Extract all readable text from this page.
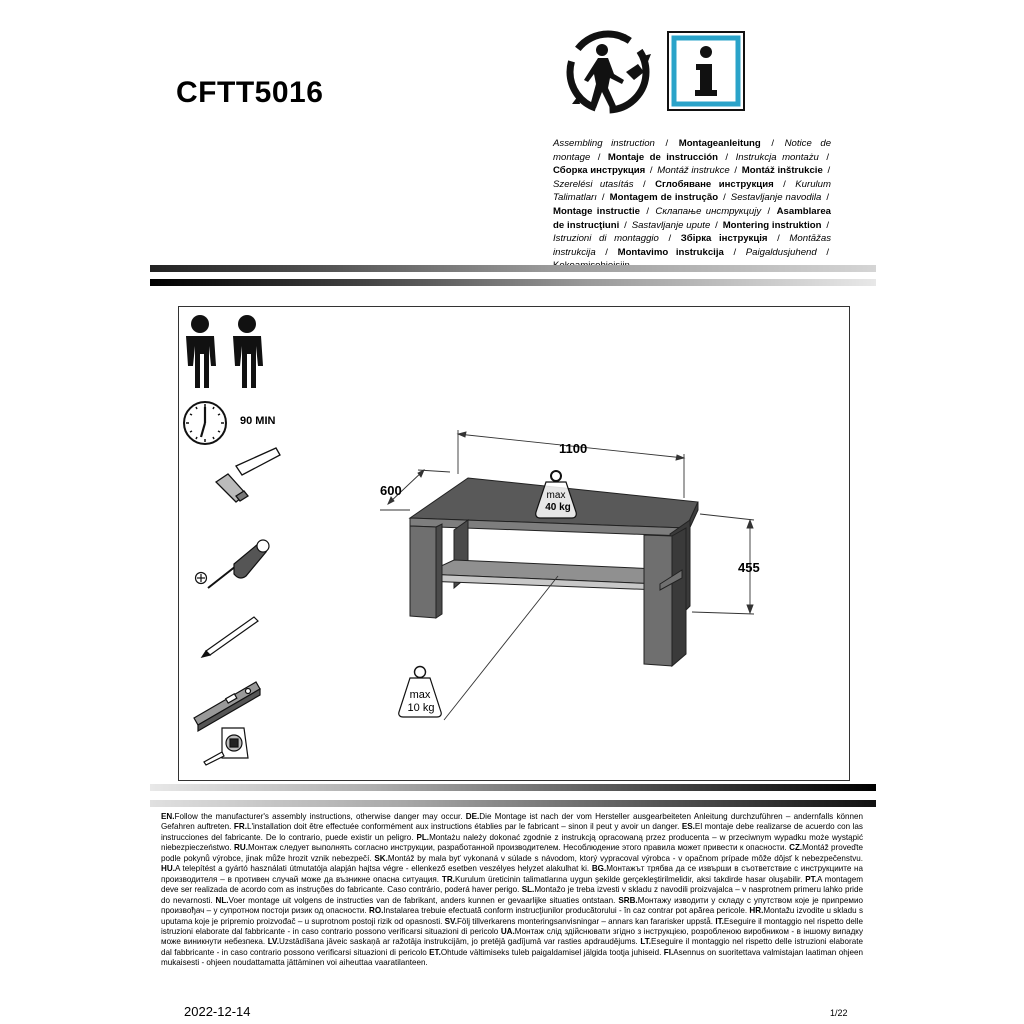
CFTT5016
Assembling instruction / Montageanleitung / Notice de montage / Montaje de instrucción / Instrukcja montażu / Сборка инструкция / Montáž instrukce / Montáž inštrukcie / Szerelési utasítás / Сглобяване инструкция / Kurulum Talimatları / Montagem de instrução / Sestavljanje navodila / Montage instructie / Склапање инструкцију / Asamblarea de instrucţiuni / Sastavljanje upute / Montering instruktion / Istruzioni di montaggio / Збірка інструкція / Montāžas instrukcija / Montavimo instrukcija / Paigaldusjuhend /
90 MIN
1100
600
455
max
40 kg
max
10 kg
EN.Follow the manufacturer's assembly instructions, otherwise danger may occur. DE.Die Montage ist nach der vom Hersteller ausgearbeiteten Anleitung durchzuführen – andernfalls können Gefahren auftreten. FR.L'installation doit être effectuée conformément aux instructions établies par le fabricant – sinon il peut y avoir un danger. ES.El montaje debe realizarse de acuerdo con las instrucciones del fabricante. De lo contrario, puede existir un peligro. PL.Montażu należy dokonać zgodnie z instrukcją opracowaną przez producenta – w przeciwnym wypadku może wystąpić niebezpieczeństwo. RU.Монтаж следует выполнять согласно инструкции, разработанной производителем. Несоблюдение этого правила может привести к опасности. CZ.Montáž proveďte podle pokynů výrobce, jinak může hrozit vznik nebezpečí. SK.Montáž by mala byť vykonaná v súlade s návodom, ktorý vypracoval výrobca - v opačnom prípade môže dôjsť k nebezpečenstvu. HU.A telepítést a gyártó használati útmutatója alapján hajtsa végre - ellenkező esetben veszélyes helyzet alakulhat ki. BG.Монтажът трябва да се извърши в съответствие с инструкциите на производителя – в противен случай може да възникне опасна ситуация. TR.Kurulum üreticinin talimatlarına uygun şekilde gerçekleştirilmelidir, aksi takdirde hasar oluşabilir. PT.A montagem deve ser realizada de acordo com as instruções do fabricante. Caso contrário, poderá haver perigo. SL.Montažo je treba izvesti v skladu z navodili proizvajalca – v nasprotnem primeru lahko pride do nevarnosti. NL.Voer montage uit volgens de instructies van de fabrikant, anders kunnen er gevaarlijke situaties ontstaan. SRB.Монтажу изводити у складу с упутством које је припремио произвођач – у супротном постоји ризик од опасности. RO.Instalarea trebuie efectuată conform instrucţiunilor producătorului - în caz contrar pot apărea pericole. HR.Montažu izvodite u skladu s uputama koje je pripremio proizvođač – u suprotnom postoji rizik od opasnosti. SV.Följ tillverkarens monteringsanvisningar – annars kan fararisker uppstå. IT.Eseguire il montaggio nel rispetto delle istruzioni elaborate dal fabbricante - in caso contrario possono verificarsi situazioni di pericolo UA.Монтаж слід здійснювати згідно з інструкцією, розробленою виробником - в іншому випадку може виникнути небезпека. LV.Uzstādīšana jāveic saskaņā ar ražotāja instrukcijām, jo pretējā gadījumā var rasties apdraudējums. LT.Eseguire il montaggio nel rispetto delle istruzioni elaborate dal fabbricante - in caso contrario possono verificarsi situazioni di pericolo ET.Ohtude vältimiseks tuleb paigaldamisel jälgida tootja juhiseid. FI.Asennus on suoritettava valmistajan laatiman ohjeen mukaisesti - ohjeen noudattamatta jättäminen voi aiheuttaa vaaratilanteen.
2022-12-14	1/22
